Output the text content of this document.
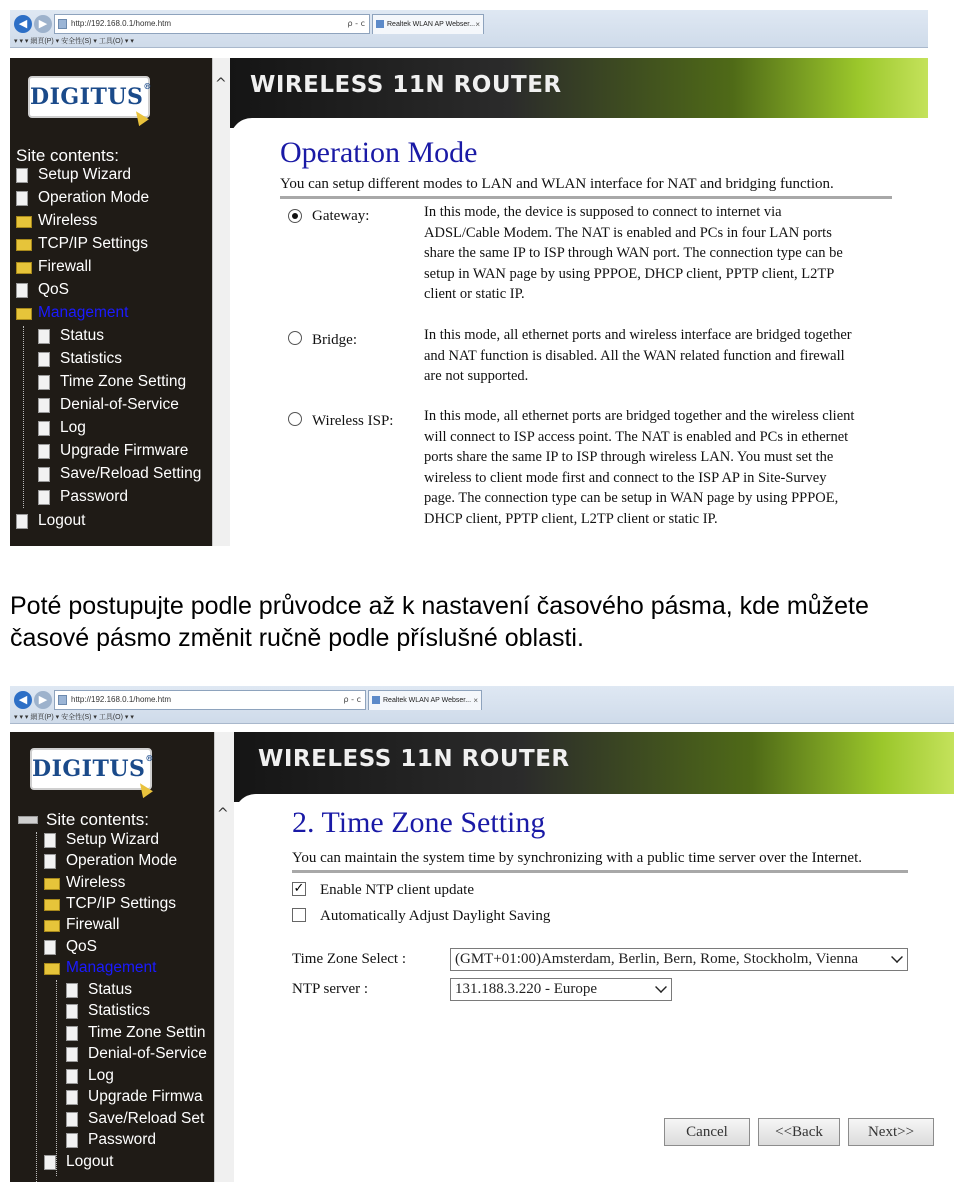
◀	▶	http://192.168.0.1/home.htm	ρ - c	Realtek WLAN AP Webser... ×
▾ ▾ ▾ 網頁(P) ▾ 安全性(S) ▾ 工具(O) ▾ ▾
DIGITUS®
Site contents:
Setup Wizard
Operation Mode
Wireless
TCP/IP Settings
Firewall
QoS
Management
Status
Statistics
Time Zone Setting
Denial-of-Service
Log
Upgrade Firmware
Save/Reload Setting
Password
Logout
^ WIRELESS 11N ROUTER
Operation Mode
You can setup different modes to LAN and WLAN interface for NAT and bridging function.
Gateway:	In this mode, the device is supposed to connect to internet via
ADSL/Cable Modem. The NAT is enabled and PCs in four LAN ports
share the same IP to ISP through WAN port. The connection type can be
setup in WAN page by using PPPOE, DHCP client, PPTP client, L2TP
client or static IP.
Bridge:	In this mode, all ethernet ports and wireless interface are bridged together
and NAT function is disabled. All the WAN related function and firewall
are not supported.
Wireless ISP: In this mode, all ethernet ports are bridged together and the wireless client
will connect to ISP access point. The NAT is enabled and PCs in ethernet
ports share the same IP to ISP through wireless LAN. You must set the
wireless to client mode first and connect to the ISP AP in Site-Survey
page. The connection type can be setup in WAN page by using PPPOE,
DHCP client, PPTP client, L2TP client or static IP.
Poté postupujte podle průvodce až k nastavení časového pásma, kde můžete časové pásmo změnit ručně podle příslušné oblasti.
◀	▶	http://192.168.0.1/home.htm	ρ - c	Realtek WLAN AP Webser... ×
▾ ▾ ▾ 網頁(P) ▾ 安全性(S) ▾ 工具(O) ▾ ▾
DIGITUS®
Site contents:
Setup Wizard
Operation Mode
Wireless
TCP/IP Settings
Firewall
QoS
Management
Status
Statistics
Time Zone Settin
Denial-of-Service
Log
Upgrade Firmwa
Save/Reload Set
Password
Logout
^
WIRELESS 11N ROUTER
2. Time Zone Setting
You can maintain the system time by synchronizing with a public time server over the Internet.
✓ Enable NTP client update
Automatically Adjust Daylight Saving
Time Zone Select :	(GMT+01:00)Amsterdam, Berlin, Bern, Rome, Stockholm, Vienna
NTP server :	131.188.3.220 - Europe
Cancel	<<Back	Next>>
